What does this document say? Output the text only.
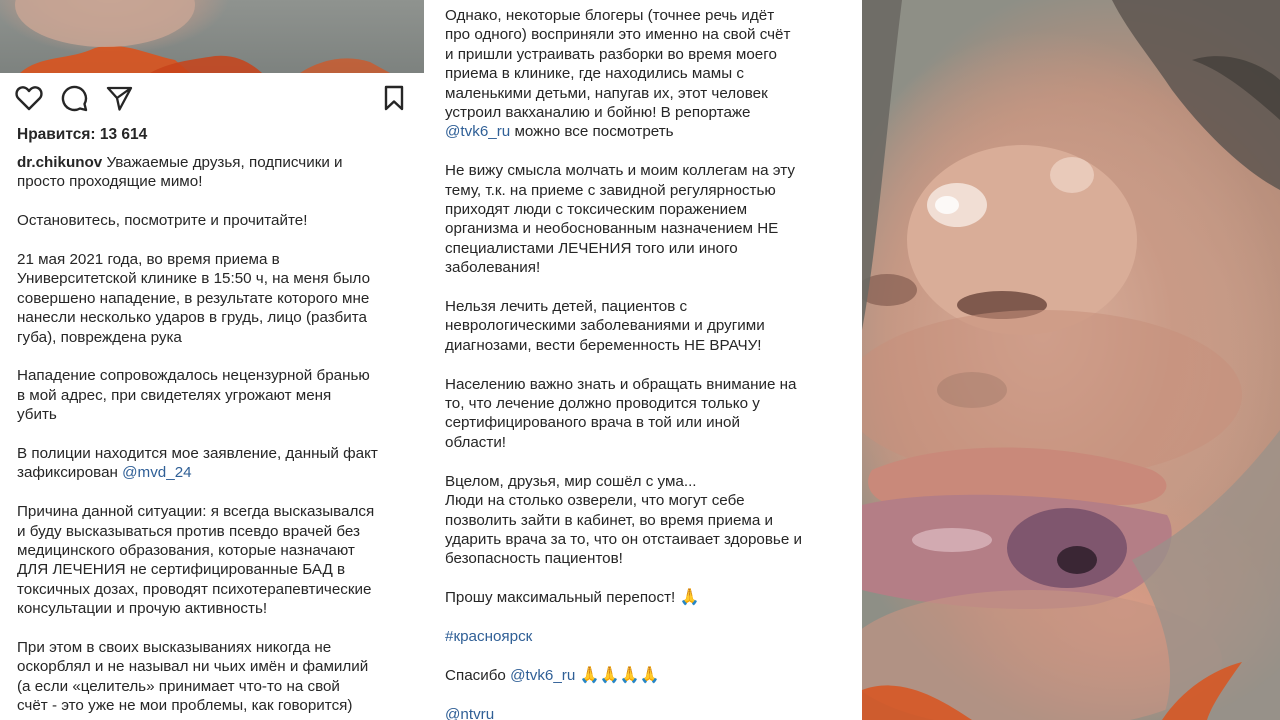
Нравится: 13 614

dr.chikunov Уважаемые друзья, подписчики и
просто проходящие мимо!

Остановитесь, посмотрите и прочитайте!

21 мая 2021 года, во время приема в
Университетской клинике в 15:50 ч, на меня было
совершено нападение, в результате которого мне
нанесли несколько ударов в грудь, лицо (разбита
губа), повреждена рука

Нападение сопровождалось нецензурной бранью
в мой адрес, при свидетелях угрожают меня
убить

В полиции находится мое заявление, данный факт
зафиксирован @mvd_24

Причина данной ситуации: я всегда высказывался
и буду высказываться против псевдо врачей без
медицинского образования, которые назначают
ДЛЯ ЛЕЧЕНИЯ не сертифицированные БАД в
токсичных дозах, проводят психотерапевтические
консультации и прочую активность!

При этом в своих высказываниях никогда не
оскорблял и не называл ни чьих имён и фамилий
(а если «целитель» принимает что-то на свой
счёт - это уже не мои проблемы, как говорится)

Однако, некоторые блогеры (точнее речь идёт
про одного) восприняли это именно на свой счёт
и пришли устраивать разборки во время моего
приема в клинике, где находились мамы с
маленькими детьми, напугав их, этот человек
устроил вакханалию и бойню! В репортаже
@tvk6_ru можно все посмотреть

Не вижу смысла молчать и моим коллегам на эту
тему, т.к. на приеме с завидной регулярностью
приходят люди с токсическим поражением
организма и необоснованным назначением НЕ
специалистами ЛЕЧЕНИЯ того или иного
заболевания!

Нельзя лечить детей, пациентов с
неврологическими заболеваниями и другими
диагнозами, вести беременность НЕ ВРАЧУ!

Населению важно знать и обращать внимание на
то, что лечение должно проводится только у
сертифицированого врача в той или иной
области!

Вцелом, друзья, мир сошёл с ума...
Люди на столько озверели, что могут себе
позволить зайти в кабинет, во время приема и
ударить врача за то, что он отстаивает здоровье и
безопасность пациентов!

Прошу максимальный перепост! 🙏

#красноярск

Спасибо @tvk6_ru 🙏🙏🙏🙏

@ntvru
